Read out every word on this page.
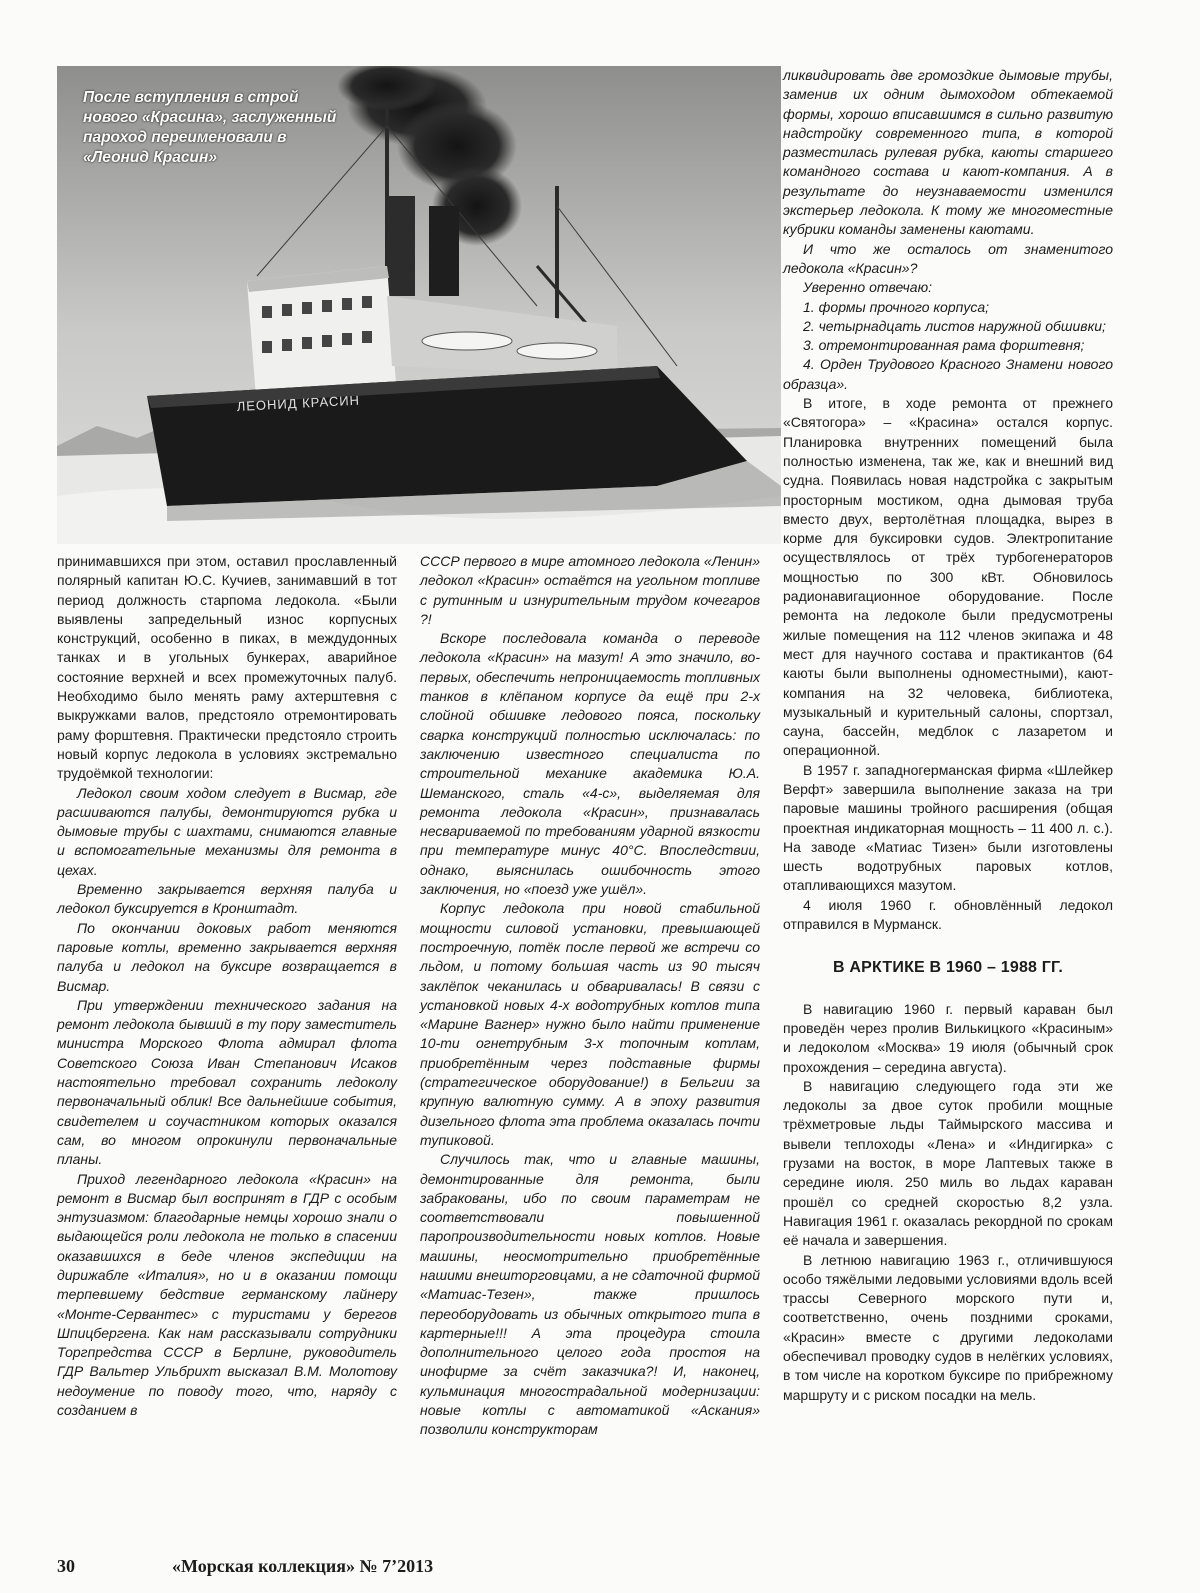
ЛЕОНИД КРАСИН
После вступления в строй нового «Красина», заслуженный пароход переименовали в «Леонид Красин»

принимавшихся при этом, оставил прославленный полярный капитан Ю.С. Кучиев, занимавший в тот период должность старпома ледокола. «Были выявлены запредельный износ корпусных конструкций, особенно в пиках, в междудонных танках и в угольных бункерах, аварийное состояние верхней и всех промежуточных палуб. Необходимо было менять раму ахтерштевня с выкружками валов, предстояло отремонтировать раму форштевня. Практически предстояло строить новый корпус ледокола в условиях экстремально трудоёмкой технологии:

Ледокол своим ходом следует в Висмар, где расшиваются палубы, демонтируются рубка и дымовые трубы с шахтами, снимаются главные и вспомогательные механизмы для ремонта в цехах.

Временно закрывается верхняя палуба и ледокол буксируется в Кронштадт.

По окончании доковых работ меняются паровые котлы, временно закрывается верхняя палуба и ледокол на буксире возвращается в Висмар.

При утверждении технического задания на ремонт ледокола бывший в ту пору заместитель министра Морского Флота адмирал флота Советского Союза Иван Степанович Исаков настоятельно требовал сохранить ледоколу первоначальный облик! Все дальнейшие события, свидетелем и соучастником которых оказался сам, во многом опрокинули первоначальные планы.

Приход легендарного ледокола «Красин» на ремонт в Висмар был воспринят в ГДР с особым энтузиазмом: благодарные немцы хорошо знали о выдающейся роли ледокола не только в спасении оказавшихся в беде членов экспедиции на дирижабле «Италия», но и в оказании помощи терпевшему бедствие германскому лайнеру «Монте-Сервантес» с туристами у берегов Шпицбергена. Как нам рассказывали сотрудники Торгпредства СССР в Берлине, руководитель ГДР Вальтер Ульбрихт высказал В.М. Молотову недоумение по поводу того, что, наряду с созданием в

СССР первого в мире атомного ледокола «Ленин» ледокол «Красин» остаётся на угольном топливе с рутинным и изнурительным трудом кочегаров ?!

Вскоре последовала команда о переводе ледокола «Красин» на мазут! А это значило, во-первых, обеспечить непроницаемость топливных танков в клёпаном корпусе да ещё при 2-х слойной обшивке ледового пояса, поскольку сварка конструкций полностью исключалась: по заключению известного специалиста по строительной механике академика Ю.А. Шеманского, сталь «4-с», выделяемая для ремонта ледокола «Красин», признавалась несвариваемой по требованиям ударной вязкости при температуре минус 40°С. Впоследствии, однако, выяснилась ошибочность этого заключения, но «поезд уже ушёл».

Корпус ледокола при новой стабильной мощности силовой установки, превышающей построечную, потёк после первой же встречи со льдом, и потому большая часть из 90 тысяч заклёпок чеканилась и обваривалась! В связи с установкой новых 4-х водотрубных котлов типа «Марине Вагнер» нужно было найти применение 10-ти огнетрубным 3-х топочным котлам, приобретённым через подставные фирмы (стратегическое оборудование!) в Бельгии за крупную валютную сумму. А в эпоху развития дизельного флота эта проблема оказалась почти тупиковой.

Случилось так, что и главные машины, демонтированные для ремонта, были забракованы, ибо по своим параметрам не соответствовали повышенной паропроизводительности новых котлов. Новые машины, неосмотрительно приобретённые нашими внешторговцами, а не сдаточной фирмой «Матиас-Тезен», также пришлось переоборудовать из обычных открытого типа в картерные!!! А эта процедура стоила дополнительного целого года простоя на инофирме за счёт заказчика?! И, наконец, кульминация многострадальной модернизации: новые котлы с автоматикой «Аскания» позволили конструкторам

ликвидировать две громоздкие дымовые трубы, заменив их одним дымоходом обтекаемой формы, хорошо вписавшимся в сильно развитую надстройку современного типа, в которой разместилась рулевая рубка, каюты старшего командного состава и кают-компания. А в результате до неузнаваемости изменился экстерьер ледокола. К тому же многоместные кубрики команды заменены каютами.

И что же осталось от знаменитого ледокола «Красин»?

Уверенно отвечаю:

1. формы прочного корпуса;

2. четырнадцать листов наружной обшивки;

3. отремонтированная рама форштевня;

4. Орден Трудового Красного Знамени нового образца».

В итоге, в ходе ремонта от прежнего «Святогора» – «Красина» остался корпус. Планировка внутренних помещений была полностью изменена, так же, как и внешний вид судна. Появилась новая надстройка с закрытым просторным мостиком, одна дымовая труба вместо двух, вертолётная площадка, вырез в корме для буксировки судов. Электропитание осуществлялось от трёх турбогенераторов мощностью по 300 кВт. Обновилось радионавигационное оборудование. После ремонта на ледоколе были предусмотрены жилые помещения на 112 членов экипажа и 48 мест для научного состава и практикантов (64 каюты были выполнены одноместными), кают-компания на 32 человека, библиотека, музыкальный и курительный салоны, спортзал, сауна, бассейн, медблок с лазаретом и операционной.

В 1957 г. западногерманская фирма «Шлейкер Верфт» завершила выполнение заказа на три паровые машины тройного расширения (общая проектная индикаторная мощность – 11 400 л. с.). На заводе «Матиас Тизен» были изготовлены шесть водотрубных паровых котлов, отапливающихся мазутом.

4 июля 1960 г. обновлённый ледокол отправился в Мурманск.

В АРКТИКЕ В 1960 – 1988 ГГ.

В навигацию 1960 г. первый караван был проведён через пролив Вилькицкого «Красиным» и ледоколом «Москва» 19 июля (обычный срок прохождения – середина августа).

В навигацию следующего года эти же ледоколы за двое суток пробили мощные трёхметровые льды Таймырского массива и вывели теплоходы «Лена» и «Индигирка» с грузами на восток, в море Лаптевых также в середине июля. 250 миль во льдах караван прошёл со средней скоростью 8,2 узла. Навигация 1961 г. оказалась рекордной по срокам её начала и завершения.

В летнюю навигацию 1963 г., отличившуюся особо тяжёлыми ледовыми условиями вдоль всей трассы Северного морского пути и, соответственно, очень поздними сроками, «Красин» вместе с другими ледоколами обеспечивал проводку судов в нелёгких условиях, в том числе на коротком буксире по прибрежному маршруту и с риском посадки на мель.

30	«Морская коллекция» № 7’2013
